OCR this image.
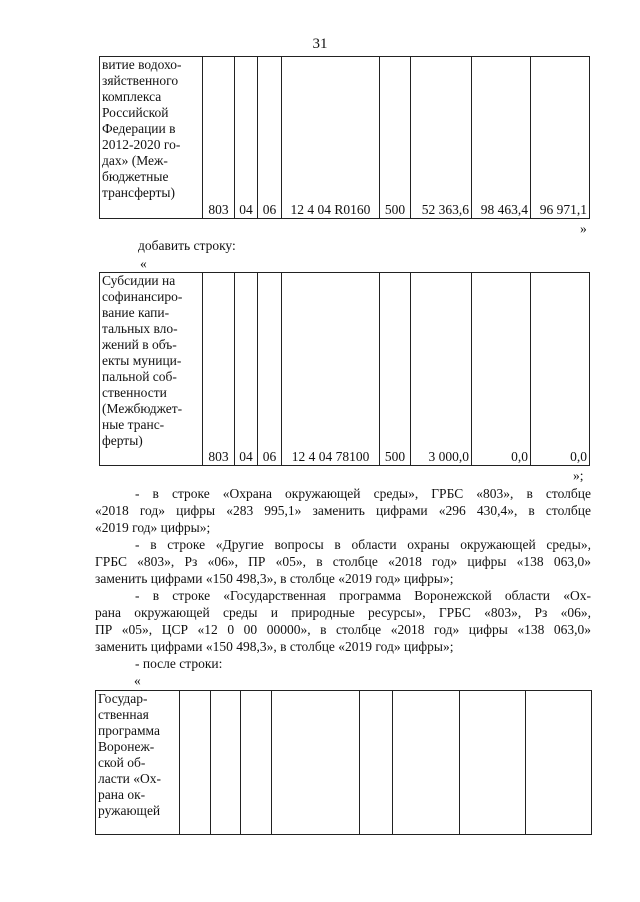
31
витие водохо-
зяйственного
комплекса
Российской
Федерации в
2012-2020 го-
дах» (Меж-
бюджетные
трансферты)
	803	04	06	12 4 04 R0160	500	52 363,6	98 463,4	96 971,1
»
добавить строку:
«
Субсидии на
софинансиро-
вание капи-
тальных вло-
жений в объ-
екты муници-
пальной соб-
ственности
(Межбюджет-
ные транс-
ферты)
	803	04	06	12 4 04 78100	500	3 000,0	0,0	0,0
»;
- в строке «Охрана окружающей среды», ГРБС «803», в столбце
«2018 год» цифры «283 995,1» заменить цифрами «296 430,4», в столбце
«2019 год» цифры»;
- в строке «Другие вопросы в области охраны окружающей среды»,
ГРБС «803», Рз «06», ПР «05», в столбце «2018 год» цифры «138 063,0»
заменить цифрами «150 498,3», в столбце «2019 год» цифры»;
- в строке «Государственная программа Воронежской области «Ох-
рана окружающей среды и природные ресурсы», ГРБС «803», Рз «06»,
ПР «05», ЦСР «12 0 00 00000», в столбце «2018 год» цифры «138 063,0»
заменить цифрами «150 498,3», в столбце «2019 год» цифры»;
- после строки:
«
Государ-
ственная
программа
Воронеж-
ской об-
ласти «Ох-
рана ок-
ружающей
